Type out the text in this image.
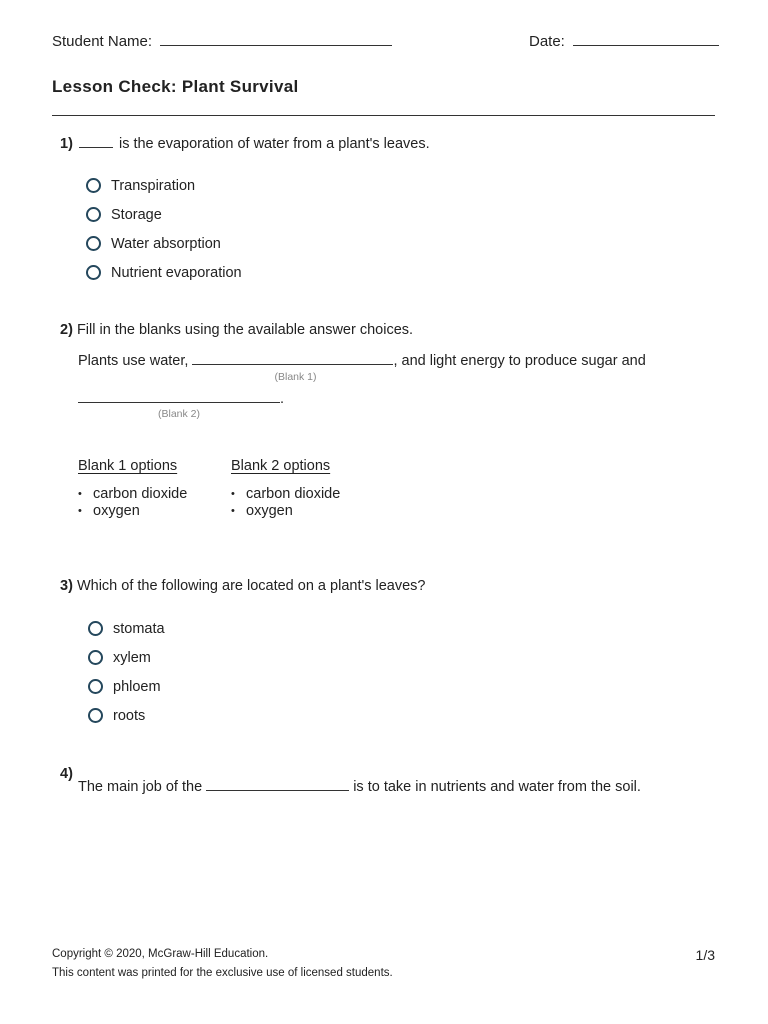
Student Name:	Date:
Lesson Check: Plant Survival
1)	is the evaporation of water from a plant's leaves.
Transpiration
Storage
Water absorption
Nutrient evaporation
2) Fill in the blanks using the available answer choices.
Plants use water,	, and light energy to produce sugar and
(Blank 1)
.
(Blank 2)
Blank 1 options
• carbon dioxide
• oxygen
Blank 2 options
• carbon dioxide
• oxygen
3) Which of the following are located on a plant's leaves?
stomata
xylem
phloem
roots
4)
The main job of the	is to take in nutrients and water from the soil.
Copyright © 2020, McGraw-Hill Education.
This content was printed for the exclusive use of licensed students.
1/3
